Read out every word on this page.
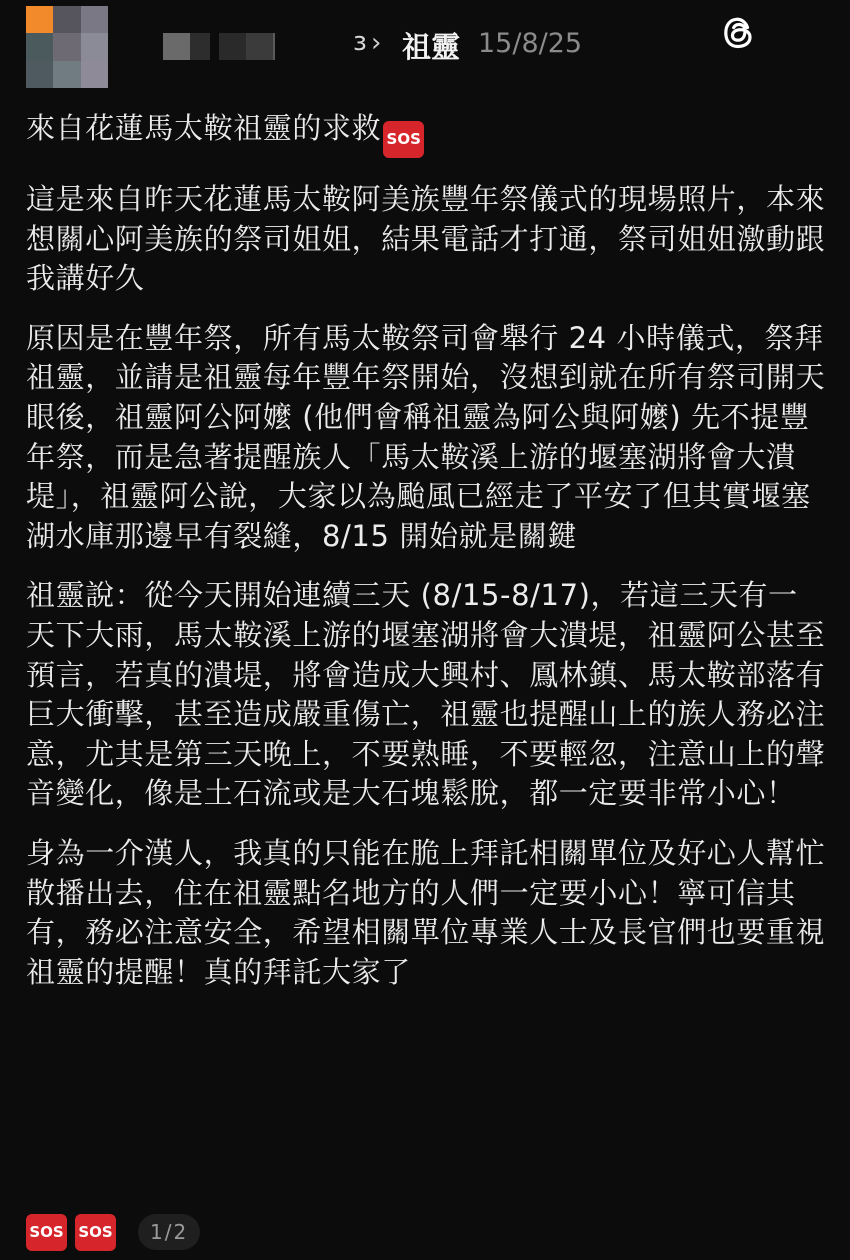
ɜ › 祖靈 15/8/25

來自花蓮馬太鞍祖靈的求救 SOS

這是來自昨天花蓮馬太鞍阿美族豐年祭儀式的現場照片，本來想關心阿美族的祭司姐姐，結果電話才打通，祭司姐姐激動跟我講好久

原因是在豐年祭，所有馬太鞍祭司會舉行 24 小時儀式，祭拜祖靈，並請是祖靈每年豐年祭開始，沒想到就在所有祭司開天眼後，祖靈阿公阿嬤 (他們會稱祖靈為阿公與阿嬤) 先不提豐年祭，而是急著提醒族人「馬太鞍溪上游的堰塞湖將會大潰堤」，祖靈阿公說，大家以為颱風已經走了平安了但其實堰塞湖水庫那邊早有裂縫，8/15 開始就是關鍵

祖靈說：從今天開始連續三天 (8/15-8/17)，若這三天有一天下大雨，馬太鞍溪上游的堰塞湖將會大潰堤，祖靈阿公甚至預言，若真的潰堤，將會造成大興村、鳳林鎮、馬太鞍部落有巨大衝擊，甚至造成嚴重傷亡，祖靈也提醒山上的族人務必注意，尤其是第三天晚上，不要熟睡，不要輕忽，注意山上的聲音變化，像是土石流或是大石塊鬆脫，都一定要非常小心！

身為一介漢人，我真的只能在脆上拜託相關單位及好心人幫忙散播出去，住在祖靈點名地方的人們一定要小心！寧可信其有，務必注意安全，希望相關單位專業人士及長官們也要重視祖靈的提醒！真的拜託大家了

SOS SOS	1/2
